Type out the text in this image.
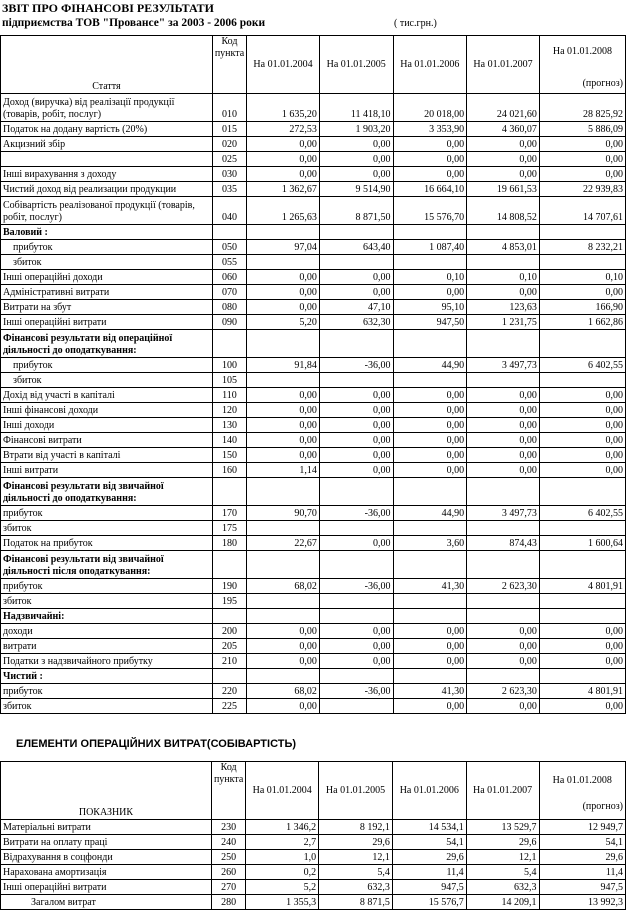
ЗВІТ ПРО ФІНАНСОВІ РЕЗУЛЬТАТИ
підприємства ТОВ "Провансе" за 2003 - 2006 роки	( тис.грн.)
Стаття	Код пункта	На 01.01.2004	На 01.01.2005	На 01.01.2006	На 01.01.2007	На 01.01.2008
(прогноз)

Доход (виручка) від реалізації продукції (товарів, робіт, послуг)	010	1 635,20	11 418,10	20 018,00	24 021,60	28 825,92
Податок на додану вартість (20%)	015	272,53	1 903,20	3 353,90	4 360,07	5 886,09
Акцизний збір	020	0,00	0,00	0,00	0,00	0,00
	025	0,00	0,00	0,00	0,00	0,00
Інші вирахування з доходу	030	0,00	0,00	0,00	0,00	0,00
Чистий доход від реализации продукции	035	1 362,67	9 514,90	16 664,10	19 661,53	22 939,83
Собівартість реалізованої продукції (товарів, робіт, послуг)	040	1 265,63	8 871,50	15 576,70	14 808,52	14 707,61
Валовий :						
прибуток	050	97,04	643,40	1 087,40	4 853,01	8 232,21
збиток	055					
Інші операційні доходи	060	0,00	0,00	0,10	0,10	0,10
Адміністративні витрати	070	0,00	0,00	0,00	0,00	0,00
Витрати на збут	080	0,00	47,10	95,10	123,63	166,90
Інші операційні витрати	090	5,20	632,30	947,50	1 231,75	1 662,86
Фінансові результати від операційної діяльності до оподаткування:						
прибуток	100	91,84	-36,00	44,90	3 497,73	6 402,55
збиток	105					
Дохід від участі в капіталі	110	0,00	0,00	0,00	0,00	0,00
Інші фінансові доходи	120	0,00	0,00	0,00	0,00	0,00
Інші доходи	130	0,00	0,00	0,00	0,00	0,00
Фінансові витрати	140	0,00	0,00	0,00	0,00	0,00
Втрати від участі в капіталі	150	0,00	0,00	0,00	0,00	0,00
Інші витрати	160	1,14	0,00	0,00	0,00	0,00
Фінансові результати від звичайної діяльності до оподаткування:						
прибуток	170	90,70	-36,00	44,90	3 497,73	6 402,55
збиток	175					
Податок на прибуток	180	22,67	0,00	3,60	874,43	1 600,64
Фінансові результати від звичайної діяльності після оподаткування:						
прибуток	190	68,02	-36,00	41,30	2 623,30	4 801,91
збиток	195					
Надзвичайні:						
доходи	200	0,00	0,00	0,00	0,00	0,00
витрати	205	0,00	0,00	0,00	0,00	0,00
Податки з надзвичайного прибутку	210	0,00	0,00	0,00	0,00	0,00
Чистий :						
прибуток	220	68,02	-36,00	41,30	2 623,30	4 801,91
збиток	225	0,00		0,00	0,00	0,00
ЕЛЕМЕНТИ ОПЕРАЦІЙНИХ ВИТРАТ(СОБІВАРТІСТЬ)
ПОКАЗНИК	Код пункта	На 01.01.2004	На 01.01.2005	На 01.01.2006	На 01.01.2007	На 01.01.2008
(прогноз)

Матеріальні витрати	230	1 346,2	8 192,1	14 534,1	13 529,7	12 949,7
Витрати на оплату праці	240	2,7	29,6	54,1	29,6	54,1
Відрахування в соцфонди	250	1,0	12,1	29,6	12,1	29,6
Нарахована амортизація	260	0,2	5,4	11,4	5,4	11,4
Інші операційні витрати	270	5,2	632,3	947,5	632,3	947,5
Загалом витрат	280	1 355,3	8 871,5	15 576,7	14 209,1	13 992,3
